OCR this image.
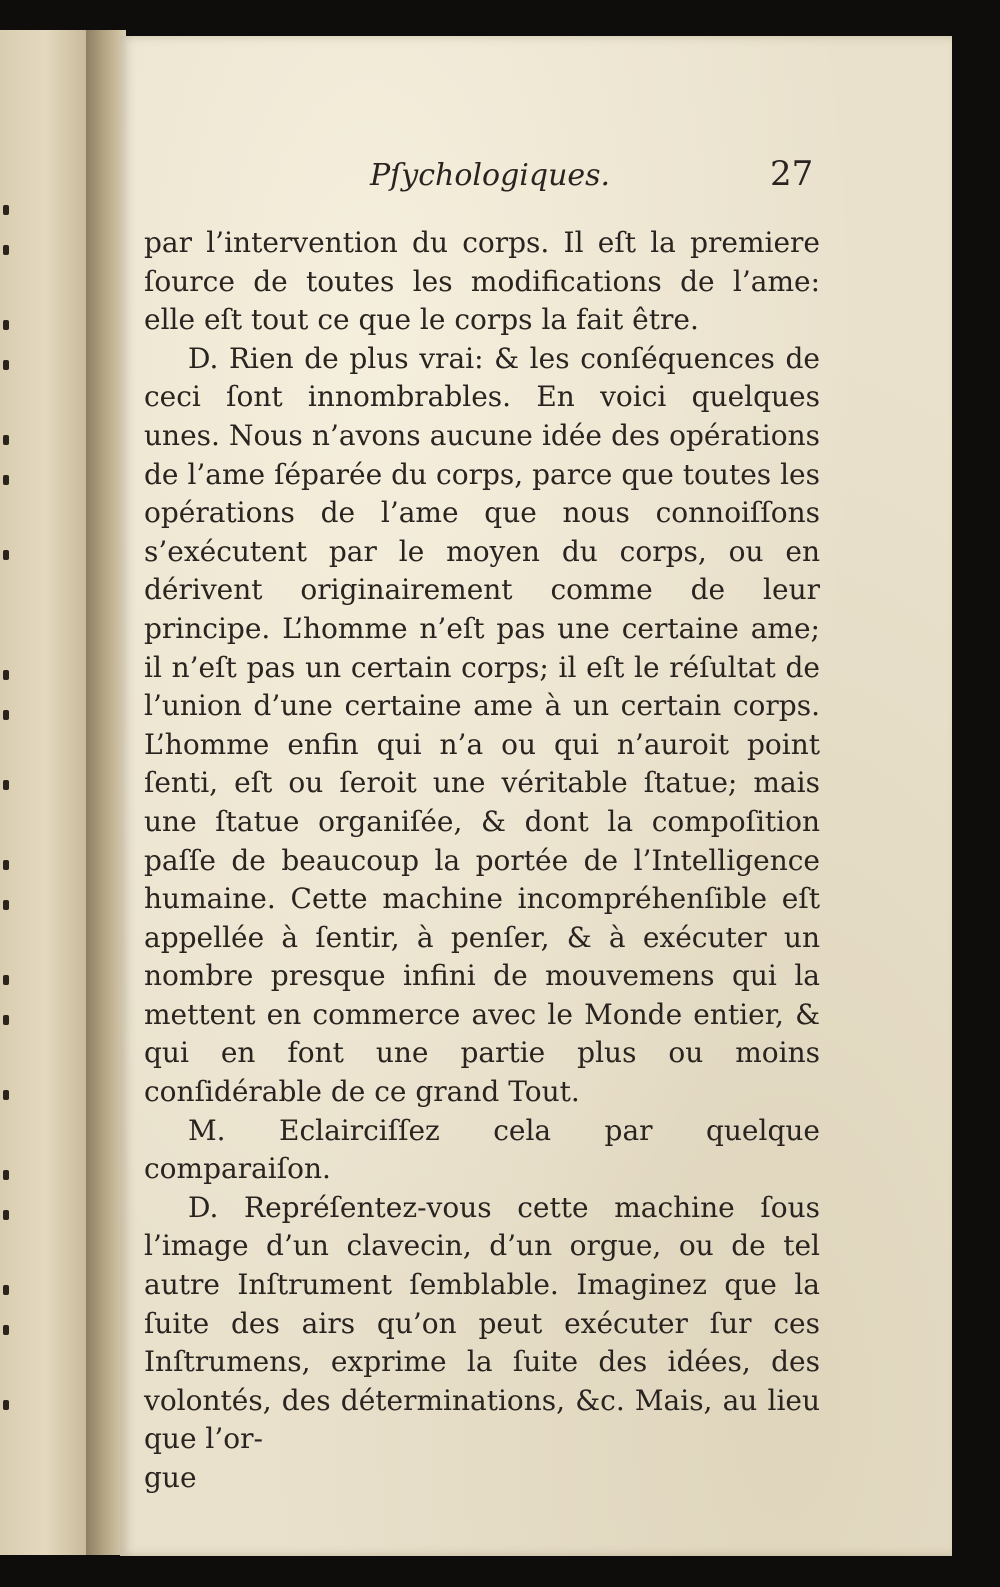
Pſychologiques.	27

par l’intervention du corps. Il eſt la premiere ſource de toutes les modifications de l’ame: elle eſt tout ce que le corps la fait être.

D. Rien de plus vrai: & les conſéquences de ceci ſont innombrables. En voici quelques unes. Nous n’avons aucune idée des opérations de l’ame ſéparée du corps, parce que toutes les opérations de l’ame que nous connoiſſons s’exécutent par le moyen du corps, ou en dérivent originairement comme de leur principe. L’homme n’eſt pas une certaine ame; il n’eſt pas un certain corps; il eſt le réſultat de l’union d’une certaine ame à un certain corps. L’homme enfin qui n’a ou qui n’auroit point ſenti, eſt ou ſeroit une véritable ſtatue; mais une ſtatue organiſée, & dont la compoſition paſſe de beaucoup la portée de l’Intelligence humaine. Cette machine incompréhenſible eſt appellée à ſentir, à penſer, & à exécuter un nombre presque infini de mouvemens qui la mettent en commerce avec le Monde entier, & qui en font une partie plus ou moins conſidérable de ce grand Tout.

M. Eclairciſſez cela par quelque comparaiſon.

D. Repréſentez-vous cette machine ſous l’image d’un clavecin, d’un orgue, ou de tel autre Inſtrument ſemblable. Imaginez que la ſuite des airs qu’on peut exécuter ſur ces Inſtrumens, exprime la ſuite des idées, des volontés, des déterminations, &c. Mais, au lieu que l’or-

gue
